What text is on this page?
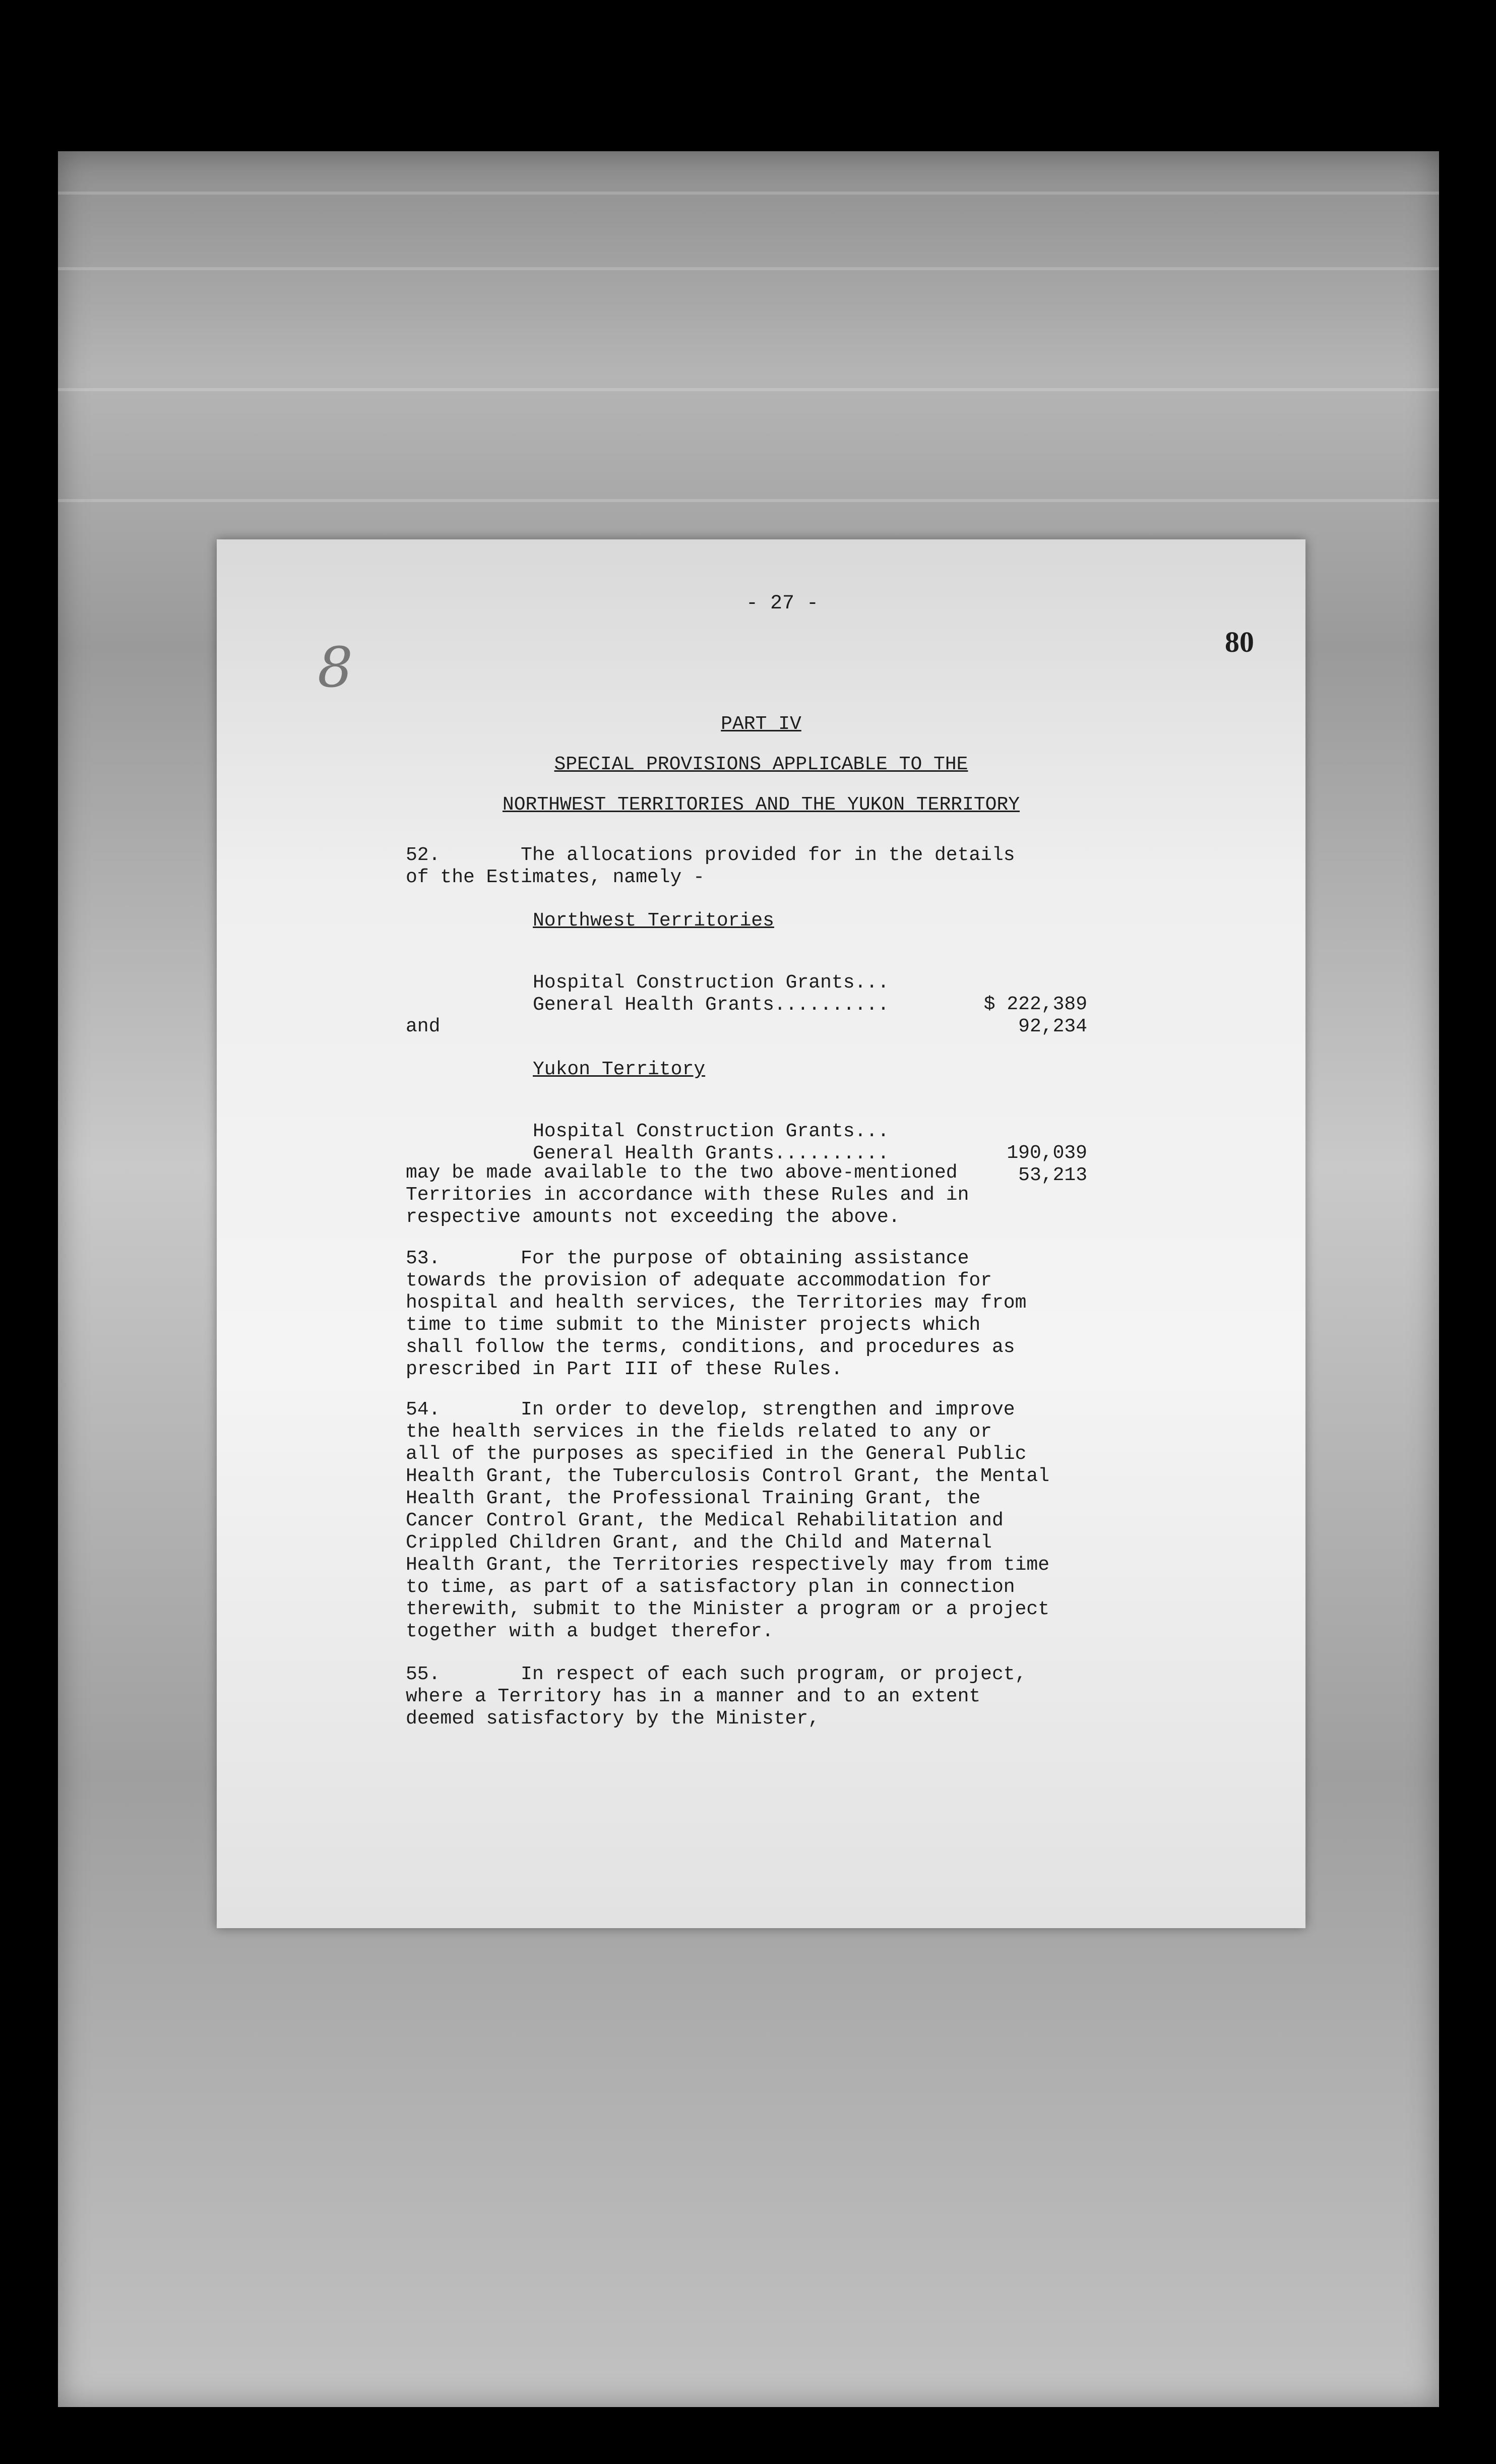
- 27 -
80
8
PART IV
SPECIAL PROVISIONS APPLICABLE TO THE
NORTHWEST TERRITORIES AND THE YUKON TERRITORY
52.       The allocations provided for in the details
of the Estimates, namely -
Northwest Territories

Hospital Construction Grants...

$ 222,389

General Health Grants..........

92,234

and
Yukon Territory

Hospital Construction Grants...

190,039

General Health Grants..........

53,213

may be made available to the two above-mentioned
Territories in accordance with these Rules and in
respective amounts not exceeding the above.
53.       For the purpose of obtaining assistance
towards the provision of adequate accommodation for
hospital and health services, the Territories may from
time to time submit to the Minister projects which
shall follow the terms, conditions, and procedures as
prescribed in Part III of these Rules.
54.       In order to develop, strengthen and improve
the health services in the fields related to any or
all of the purposes as specified in the General Public
Health Grant, the Tuberculosis Control Grant, the Mental
Health Grant, the Professional Training Grant, the
Cancer Control Grant, the Medical Rehabilitation and
Crippled Children Grant, and the Child and Maternal
Health Grant, the Territories respectively may from time
to time, as part of a satisfactory plan in connection
therewith, submit to the Minister a program or a project
together with a budget therefor.
55.       In respect of each such program, or project,
where a Territory has in a manner and to an extent
deemed satisfactory by the Minister,
